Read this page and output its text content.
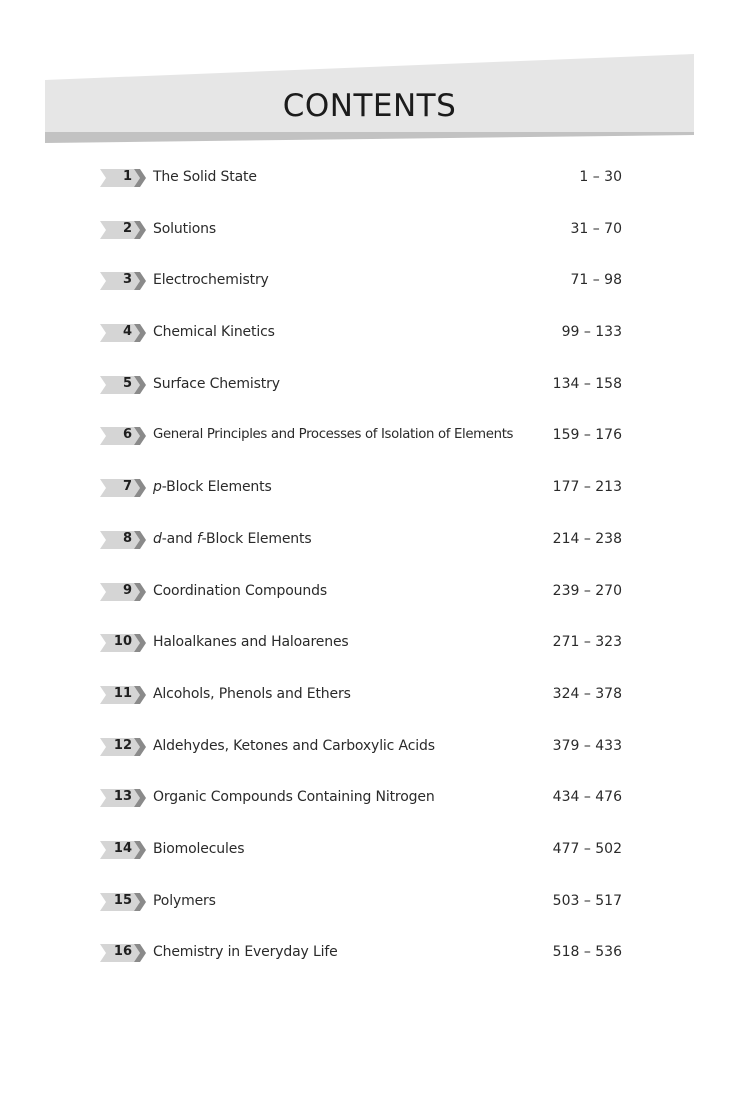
CONTENTS
1 The Solid State	1 – 30
2 Solutions	31 – 70
3 Electrochemistry	71 – 98
4 Chemical Kinetics	99 – 133
5 Surface Chemistry	134 – 158
6 General Principles and Processes of Isolation of Elements	159 – 176
7 p-Block Elements	177 – 213
8 d-and f-Block Elements	214 – 238
9 Coordination Compounds	239 – 270
10 Haloalkanes and Haloarenes	271 – 323
11 Alcohols, Phenols and Ethers	324 – 378
12 Aldehydes, Ketones and Carboxylic Acids	379 – 433
13 Organic Compounds Containing Nitrogen	434 – 476
14 Biomolecules	477 – 502
15 Polymers	503 – 517
16 Chemistry in Everyday Life	518 – 536
